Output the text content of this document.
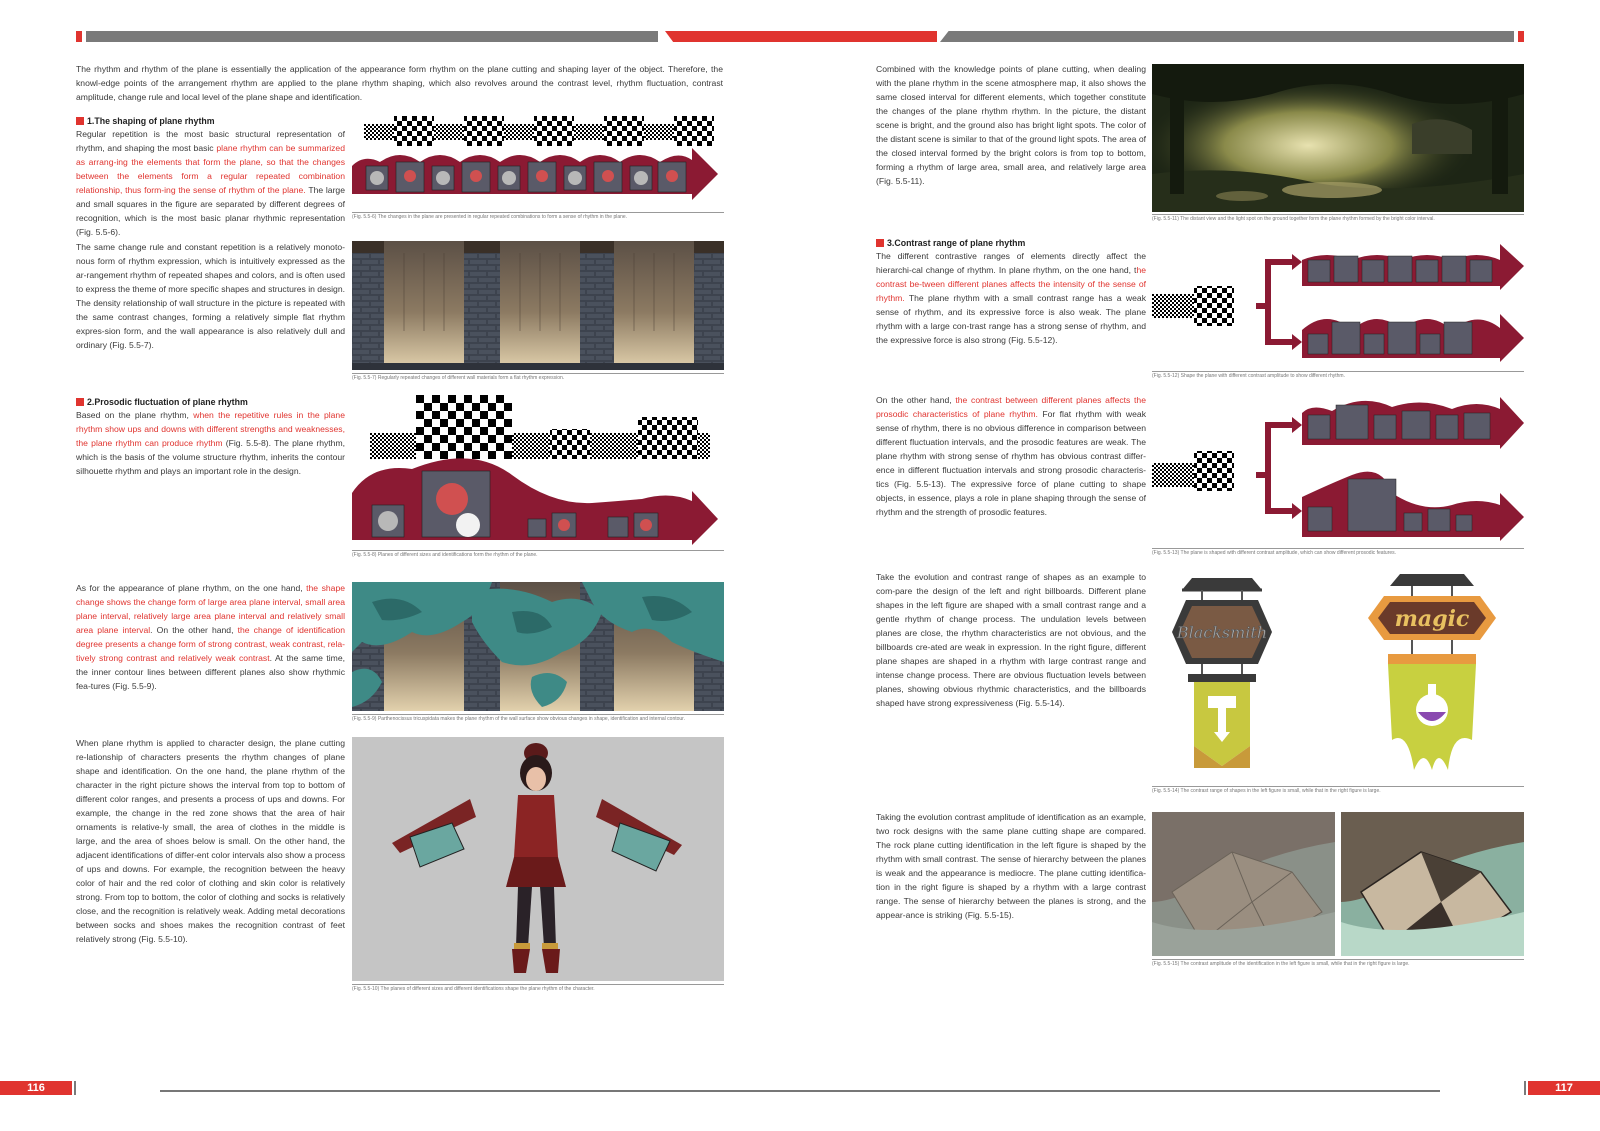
The rhythm and rhythm of the plane is essentially the application of the appearance form rhythm on the plane cutting and shaping layer of the object. Therefore, the knowl-edge points of the arrangement rhythm are applied to the plane rhythm shaping, which also revolves around the contrast level, rhythm fluctuation, contrast amplitude, change rule and local level of the plane shape and identification.
1.The shaping of plane rhythm
Regular repetition is the most basic structural representation of rhythm, and shaping the most basic plane rhythm can be summarized as arrang-ing the elements that form the plane, so that the changes between the elements form a regular repeated combination relationship, thus form-ing the sense of rhythm of the plane. The large and small squares in the figure are separated by different degrees of recognition, which is the most basic planar rhythmic representation (Fig. 5.5-6).
(Fig. 5.5-6) The changes in the plane are presented in regular repeated combinations to form a sense of rhythm in the plane.
The same change rule and constant repetition is a relatively monoto-nous form of rhythm expression, which is intuitively expressed as the ar-rangement rhythm of repeated shapes and colors, and is often used to express the theme of more specific shapes and structures in design. The density relationship of wall structure in the picture is repeated with the same contrast changes, forming a relatively simple flat rhythm expres-sion form, and the wall appearance is also relatively dull and ordinary (Fig. 5.5-7).
(Fig. 5.5-7) Regularly repeated changes of different wall materials form a flat rhythm expression.
2.Prosodic fluctuation of plane rhythm
Based on the plane rhythm, when the repetitive rules in the plane rhythm show ups and downs with different strengths and weaknesses, the plane rhythm can produce rhythm (Fig. 5.5-8). The plane rhythm, which is the basis of the volume structure rhythm, inherits the contour silhouette rhythm and plays an important role in the design.
(Fig. 5.5-8) Planes of different sizes and identifications form the rhythm of the plane.
As for the appearance of plane rhythm, on the one hand, the shape change shows the change form of large area plane interval, small area plane interval, relatively large area plane interval and relatively small area plane interval. On the other hand, the change of identification degree presents a change form of strong contrast, weak contrast, rela-tively strong contrast and relatively weak contrast. At the same time, the inner contour lines between different planes also show rhythmic fea-tures (Fig. 5.5-9).
(Fig. 5.5-9) Parthenocissus tricuspidata makes the plane rhythm of the wall surface show obvious changes in shape, identification and internal contour.
When plane rhythm is applied to character design, the plane cutting re-lationship of characters presents the rhythm changes of plane shape and identification. On the one hand, the plane rhythm of the character in the right picture shows the interval from top to bottom of different color ranges, and presents a process of ups and downs. For example, the change in the red zone shows that the area of hair ornaments is relative-ly small, the area of clothes in the middle is large, and the area of shoes below is small. On the other hand, the adjacent identifications of differ-ent color intervals also show a process of ups and downs. For example, the recognition between the heavy color of hair and the red color of clothing and skin color is relatively strong. From top to bottom, the color of clothing and socks is relatively close, and the recognition is relatively weak. Adding metal decorations between socks and shoes makes the recognition contrast of feet relatively strong (Fig. 5.5-10).
(Fig. 5.5-10) The planes of different sizes and different identifications shape the plane rhythm of the character.
Combined with the knowledge points of plane cutting, when dealing with the plane rhythm in the scene atmosphere map, it also shows the same closed interval for different elements, which together constitute the changes of the plane rhythm rhythm. In the picture, the distant scene is bright, and the ground also has bright light spots. The color of the distant scene is similar to that of the ground light spots. The area of the closed interval formed by the bright colors is from top to bottom, forming a rhythm of large area, small area, and relatively large area (Fig. 5.5-11).
(Fig. 5.5-11) The distant view and the light spot on the ground together form the plane rhythm formed by the bright color interval.
3.Contrast range of plane rhythm
The different contrastive ranges of elements directly affect the hierarchi-cal change of rhythm. In plane rhythm, on the one hand, the contrast be-tween different planes affects the intensity of the sense of rhythm. The plane rhythm with a small contrast range has a weak sense of rhythm, and its expressive force is also weak. The plane rhythm with a large con-trast range has a strong sense of rhythm, and the expressive force is also strong (Fig. 5.5-12).
(Fig. 5.5-12) Shape the plane with different contrast amplitude to show different rhythm.
On the other hand, the contrast between different planes affects the prosodic characteristics of plane rhythm. For flat rhythm with weak sense of rhythm, there is no obvious difference in comparison between different fluctuation intervals, and the prosodic features are weak. The plane rhythm with strong sense of rhythm has obvious contrast differ-ence in different fluctuation intervals and strong prosodic characteris-tics (Fig. 5.5-13). The expressive force of plane cutting to shape objects, in essence, plays a role in plane shaping through the sense of rhythm and the strength of prosodic features.
(Fig. 5.5-13) The plane is shaped with different contrast amplitude, which can show different prosodic features.
Take the evolution and contrast range of shapes as an example to com-pare the design of the left and right billboards. Different plane shapes in the left figure are shaped with a small contrast range and a gentle rhythm of change process. The undulation levels between planes are close, the rhythm characteristics are not obvious, and the billboards cre-ated are weak in expression. In the right figure, different plane shapes are shaped in a rhythm with large contrast range and intense change process. There are obvious fluctuation levels between planes, showing obvious rhythmic characteristics, and the billboards shaped have strong expressiveness (Fig. 5.5-14).
Blacksmith
magic
(Fig. 5.5-14) The contrast range of shapes in the left figure is small, while that in the right figure is large.
Taking the evolution contrast amplitude of identification as an example, two rock designs with the same plane cutting shape are compared. The rock plane cutting identification in the left figure is shaped by the rhythm with small contrast. The sense of hierarchy between the planes is weak and the appearance is mediocre. The plane cutting identifica-tion in the right figure is shaped by a rhythm with a large contrast range. The sense of hierarchy between the planes is strong, and the appear-ance is striking (Fig. 5.5-15).
(Fig. 5.5-15) The contrast amplitude of the identification in the left figure is small, while that in the right figure is large.
116	117
